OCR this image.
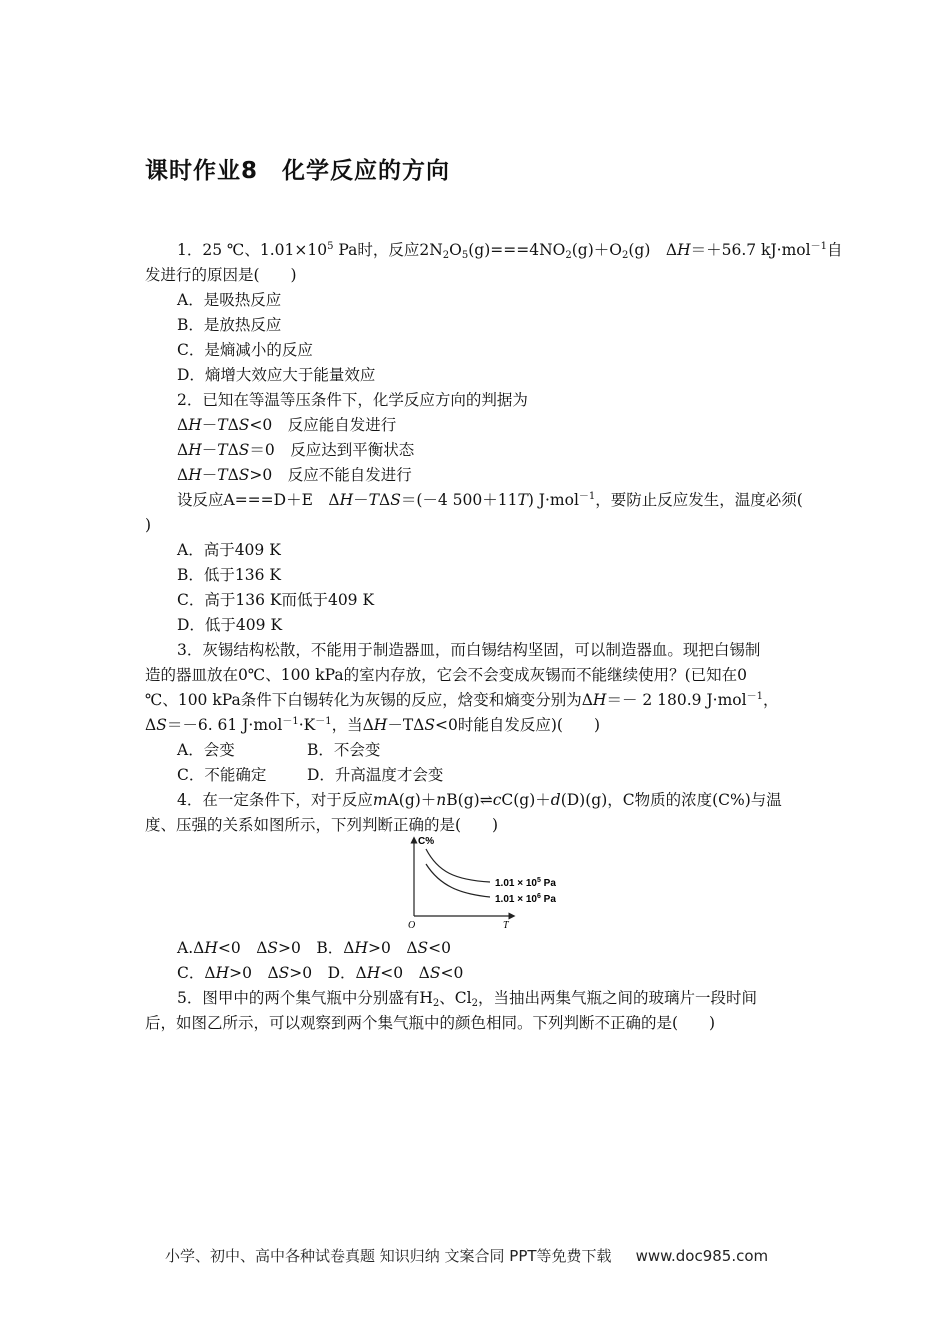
课时作业8　化学反应的方向
1．25 ℃、$1.01\times 10^5$ Pa时，反应$2N_2O_5(g)===4NO_2(g)+O_2(g)$　ΔH＝＋56.7 kJ·mol$^{-1}$自
发进行的原因是(　　)
A．是吸热反应
B．是放热反应
C．是熵减小的反应
D．熵增大效应大于能量效应
2．已知在等温等压条件下，化学反应方向的判据为
ΔH－TΔS<0　反应能自发进行
ΔH－TΔS＝0　反应达到平衡状态
ΔH－TΔS>0　反应不能自发进行
设反应A===D＋E　ΔH－TΔS＝(－4 500＋11T) J·mol$^{-1}$，要防止反应发生，温度必须(
)
A．高于409 K
B．低于136 K
C．高于136 K而低于409 K
D．低于409 K
3．灰锡结构松散，不能用于制造器皿，而白锡结构坚固，可以制造器血。现把白锡制
造的器皿放在0℃、100 kPa的室内存放，它会不会变成灰锡而不能继续使用？(已知在0
℃、100 kPa条件下白锡转化为灰锡的反应，焓变和熵变分别为ΔH＝－ 2 180.9 J·mol$^{-1}$，
ΔS＝－6. 61 $J\cdot mol^{-1}\cdot K^{-1}$，当ΔH－TΔS<0时能自发反应)(　　)
A．会变	B．不会变
C．不能确定	D．升高温度才会变
4．在一定条件下，对于反应mA(g)＋nB(g)⇌cC(g)＋d(D)(g)，C物质的浓度(C%)与温
度、压强的关系如图所示，下列判断正确的是(　　)
C%
T
O
$1.01 \times 10^5$ Pa
$1.01 \times 10^6$ Pa
A.ΔH<0　ΔS>0　B．ΔH>0　ΔS<0
C．ΔH>0　ΔS>0　D．ΔH<0　ΔS<0
5．图甲中的两个集气瓶中分别盛有$H_2$、$Cl_2$，当抽出两集气瓶之间的玻璃片一段时间
后，如图乙所示，可以观察到两个集气瓶中的颜色相同。下列判断不正确的是(　　)
小学、初中、高中各种试卷真题 知识归纳 文案合同 PPT等免费下载 www.doc985.com
